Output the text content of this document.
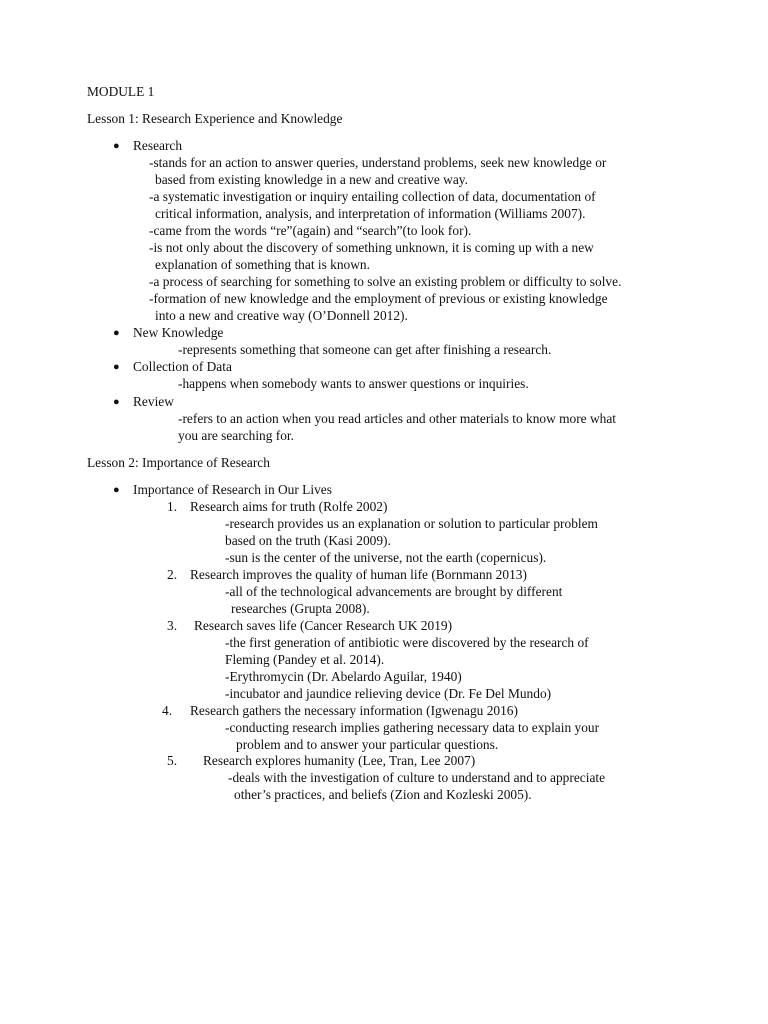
MODULE 1
Lesson 1: Research Experience and Knowledge
● Research
-stands for an action to answer queries, understand problems, seek new knowledge or
based from existing knowledge in a new and creative way.
-a systematic investigation or inquiry entailing collection of data, documentation of
critical information, analysis, and interpretation of information (Williams 2007).
-came from the words “re”(again) and “search”(to look for).
-is not only about the discovery of something unknown, it is coming up with a new
explanation of something that is known.
-a process of searching for something to solve an existing problem or difficulty to solve.
-formation of new knowledge and the employment of previous or existing knowledge
into a new and creative way (O’Donnell 2012).
● New Knowledge
-represents something that someone can get after finishing a research.
● Collection of Data
-happens when somebody wants to answer questions or inquiries.
● Review
-refers to an action when you read articles and other materials to know more what
you are searching for.
Lesson 2: Importance of Research
● Importance of Research in Our Lives
1. Research aims for truth (Rolfe 2002)
-research provides us an explanation or solution to particular problem
based on the truth (Kasi 2009).
-sun is the center of the universe, not the earth (copernicus).
2. Research improves the quality of human life (Bornmann 2013)
-all of the technological advancements are brought by different
researches (Grupta 2008).
3. Research saves life (Cancer Research UK 2019)
-the first generation of antibiotic were discovered by the research of
Fleming (Pandey et al. 2014).
-Erythromycin (Dr. Abelardo Aguilar, 1940)
-incubator and jaundice relieving device (Dr. Fe Del Mundo)
4. Research gathers the necessary information (Igwenagu 2016)
-conducting research implies gathering necessary data to explain your
problem and to answer your particular questions.
5. Research explores humanity (Lee, Tran, Lee 2007)
-deals with the investigation of culture to understand and to appreciate
other’s practices, and beliefs (Zion and Kozleski 2005).
